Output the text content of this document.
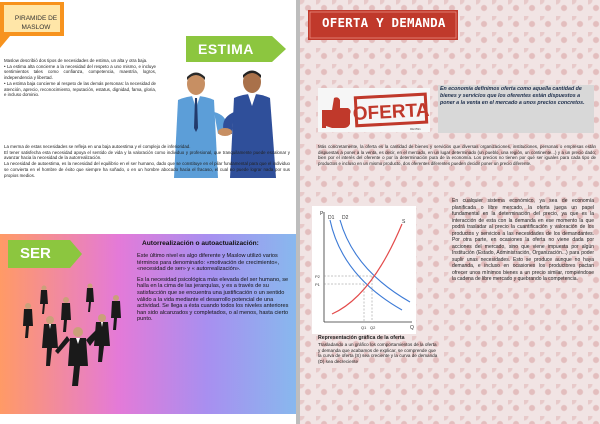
PIRAMIDE DE
MASLOW
ESTIMA

Maslow describió dos tipos de necesidades de estima, un alta y otra baja.

• La estima alta concierne a la necesidad del respeto a uno mismo, e incluye sentimientos tales como confianza, competencia, maestría, logros, independencia y libertad.

• La estima baja concierne al respeto de las demás personas: la necesidad de atención, aprecio, reconocimiento, reputación, estatus, dignidad, fama, gloria, e incluso dominio.

La merma de estas necesidades se refleja en una baja autoestima y el complejo de inferioridad.

El tener satisfecha esta necesidad apoya el sentido de vida y la valoración como individuo y profesional, que tranquilamente puede escalonar y avanzar hacia la necesidad de la autorrealización.

La necesidad de autoestima, es la necesidad del equilibrio en el ser humano, dado que se constituye en el pilar fundamental para que el individuo se convierta en el hombre de éxito que siempre ha soñado, o en un hombre abocado hacia el fracaso, el cual no puede lograr nada por sus propios medios.

SER
Autorrealización o autoactualización:

Este último nivel es algo diferente y Maslow utilizó varios términos para denominarlo: «motivación de crecimiento», «necesidad de ser» y « autorrealización».

Es la necesidad psicológica más elevada del ser humano, se halla en la cima de las jerarquías, y es a través de su satisfacción que se encuentra una justificación o un sentido válido a la vida mediante el desarrollo potencial de una actividad. Se llega a ésta cuando todos los niveles anteriores han sido alcanzados y completados, o al menos, hasta cierto punto.

OFERTA Y DEMANDA
OFERTA
RE3591
En economía definimos oferta como aquella cantidad de bienes y servicios que los oferentes están dispuestos a poner a la venta en el mercado a unos precios concretos.
Más concretamente, la oferta es la cantidad de bienes y servicios que diversas organizaciones, instituciones, personas o empresas están dispuestas a poner a la venta, es decir, en el mercado, en un lugar determinado (un pueblo, una región, un continente...) y a un precio dado; bien por el interés del oferente o por la determinación pura de la economía. Los precios no tienen por qué ser iguales para cada tipo de productos e incluso en un mismo producto, dos oferentes diferentes pueden decidir poner un precio diferente.
P
D1 D2
S
P2
P1
Q
Q1 Q2
Representación gráfica de la oferta
Trasladando a un gráfico los comportamientos de la oferta y demanda que acabamos de explicar, se comprende que la curva de oferta (S) sea creciente y la curva de demanda (D) sea decreciente
En cualquier sistema económico, ya sea de economía planificada o libre mercado, la oferta juega un papel fundamental en la determinación del precio, ya que es la interacción de esta con la demanda en ese momento la que podrá trasladar al precio la cuantificación y valoración de los productos y servicios a las necesidades de los demandantes. Por otra parte, en ocasiones la oferta no viene dada por acciones del mercado, sino que viene impuesta por algún Institución (Estado, Administración, Organización...) para poder suplir unas necesidades. Esto se produce aunque no haya demanda, e incluso en ocasiones los productores pactan ofrecer unos mínimos bienes a un precio similar, rompiéndose la cadena de libre mercado y quebrando la competencia.
